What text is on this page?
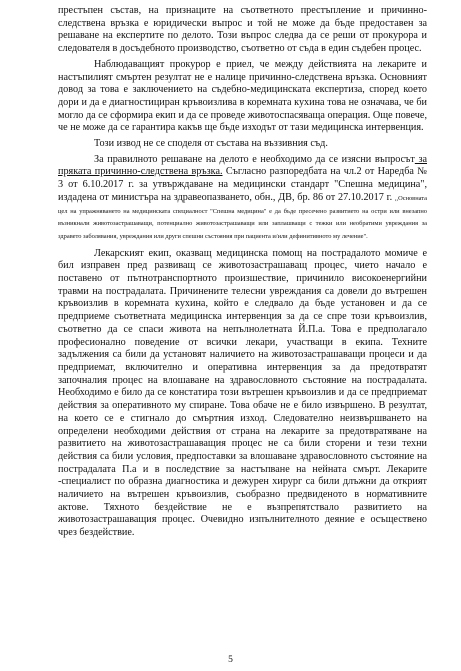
престъпен състав, на признаците на съответното престъпление и причинно-следствена връзка е юридически въпрос и той не може да бъде предоставен за решаване на експертите по делото. Този въпрос следва да се реши от прокурора и следователя в досъдебното производство, съответно от съда в един съдебен процес.

Наблюдаващият прокурор е приел, че между действията на лекарите и настъпилият смъртен резултат не е налице причинно-следствена връзка. Основният довод за това е заключението на съдебно-медицинската експертиза, според което дори и да е диагностициран кръвоизлива в коремната кухина това не означава, че би могло да се сформира екип и да се проведе животоспасяваща операция. Още повече, че не може да се гарантира какъв ще бъде изходът от тази медицинска интервенция.

Този извод не се споделя от състава на въззивния съд.

За правилното решаване на делото е необходимо да се изясни въпросът за пряката причинно-следствена връзка. Съгласно разпоредбата на чл.2 от Наредба № 3 от 6.10.2017 г. за утвърждаване на медицински стандарт "Спешна медицина", издадена от министъра на здравеопазването, обн., ДВ, бр. 86 от 27.10.2017 г. ,,Основната цел на упражняването на медицинската специалност "Спешна медицина" е да бъде пресечено развитието на остри или внезапно възникнали животозастрашаващи, потенциално животозастрашаващи или заплашващи с тежки или необратими увреждания за здравето заболявания, увреждания или други спешни състояния при пациента и/или дефинитивното му лечение".

Лекарският екип, оказващ медицинска помощ на пострадалото момиче е бил изправен пред развиващ се животозастрашаващ процес, чието начало е поставено от пътнотранспортното произшествие, причинило високоенергийни травми на пострадалата. Причинените телесни увреждания са довели до вътрешен кръвоизлив в коремната кухина, който е следвало да бъде установен и да се предприеме съответната медицинска интервенция за да се спре този кръвоизлив, съответно да се спаси живота на непълнолетната Й.П.а. Това е предполагало професионално поведение от всички лекари, участващи в екипа. Техните задължения са били да установят наличието на животозастрашаващи процеси и да предприемат, включително и оперативна интервенция за да предотвратят започналия процес на влошаване на здравословното състояние на пострадалата. Необходимо е било да се констатира този вътрешен кръвоизлив и да се предприемат действия за оперативното му спиране. Това обаче не е било извършено. В резултат, на което се е стигнало до смъртния изход. Следователно неизвършването на определени необходими действия от страна на лекарите за предотвратяване на развитието на животозастрашаващия процес не са били сторени и тези техни действия са били условия, предпоставки за влошаване здравословното състояние на пострадалата П.а и в последствие за настъпване на нейната смърт. Лекарите -специалист по образна диагностика и дежурен хирург са били длъжни да открият наличието на вътрешен кръвоизлив, съобразно предвиденото в нормативните актове. Тяхното бездействие не е възпрепятствало развитието на животозастрашаващия процес. Очевидно изпълнителното деяние е осъществено чрез бездействие.

5
